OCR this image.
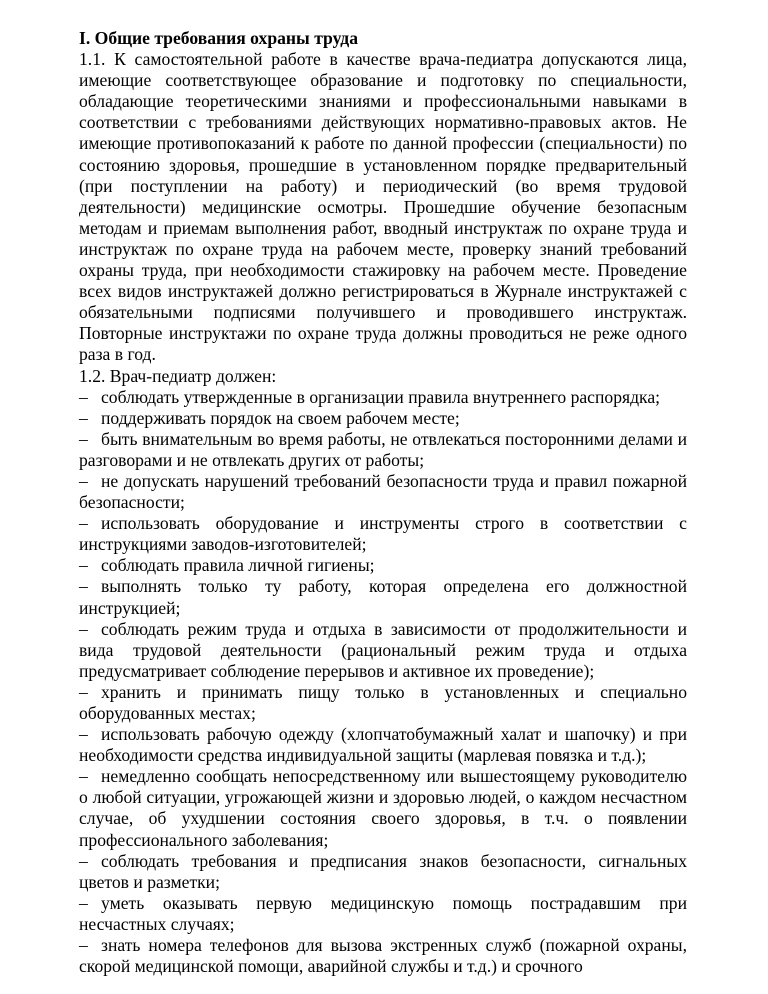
I. Общие требования охраны труда

1.1. К самостоятельной работе в качестве врача-педиатра допускаются лица, имеющие соответствующее образование и подготовку по специальности, обладающие теоретическими знаниями и профессиональными навыками в соответствии с требованиями действующих нормативно-правовых актов. Не имеющие противопоказаний к работе по данной профессии (специальности) по состоянию здоровья, прошедшие в установленном порядке предварительный (при поступлении на работу) и периодический (во время трудовой деятельности) медицинские осмотры. Прошедшие обучение безопасным методам и приемам выполнения работ, вводный инструктаж по охране труда и инструктаж по охране труда на рабочем месте, проверку знаний требований охраны труда, при необходимости стажировку на рабочем месте. Проведение всех видов инструктажей должно регистрироваться в Журнале инструктажей с обязательными подписями получившего и проводившего инструктаж. Повторные инструктажи по охране труда должны проводиться не реже одного раза в год.

1.2. Врач-педиатр должен:

– соблюдать утвержденные в организации правила внутреннего распорядка;

– поддерживать порядок на своем рабочем месте;

– быть внимательным во время работы, не отвлекаться посторонними делами и разговорами и не отвлекать других от работы;

– не допускать нарушений требований безопасности труда и правил пожарной безопасности;

– использовать оборудование и инструменты строго в соответствии с инструкциями заводов-изготовителей;

– соблюдать правила личной гигиены;

– выполнять только ту работу, которая определена его должностной инструкцией;

– соблюдать режим труда и отдыха в зависимости от продолжительности и вида трудовой деятельности (рациональный режим труда и отдыха предусматривает соблюдение перерывов и активное их проведение);

– хранить и принимать пищу только в установленных и специально оборудованных местах;

– использовать рабочую одежду (хлопчатобумажный халат и шапочку) и при необходимости средства индивидуальной защиты (марлевая повязка и т.д.);

– немедленно сообщать непосредственному или вышестоящему руководителю о любой ситуации, угрожающей жизни и здоровью людей, о каждом несчастном случае, об ухудшении состояния своего здоровья, в т.ч. о появлении профессионального заболевания;

– соблюдать требования и предписания знаков безопасности, сигнальных цветов и разметки;

– уметь оказывать первую медицинскую помощь пострадавшим при несчастных случаях;

– знать номера телефонов для вызова экстренных служб (пожарной охраны, скорой медицинской помощи, аварийной службы и т.д.) и срочного
